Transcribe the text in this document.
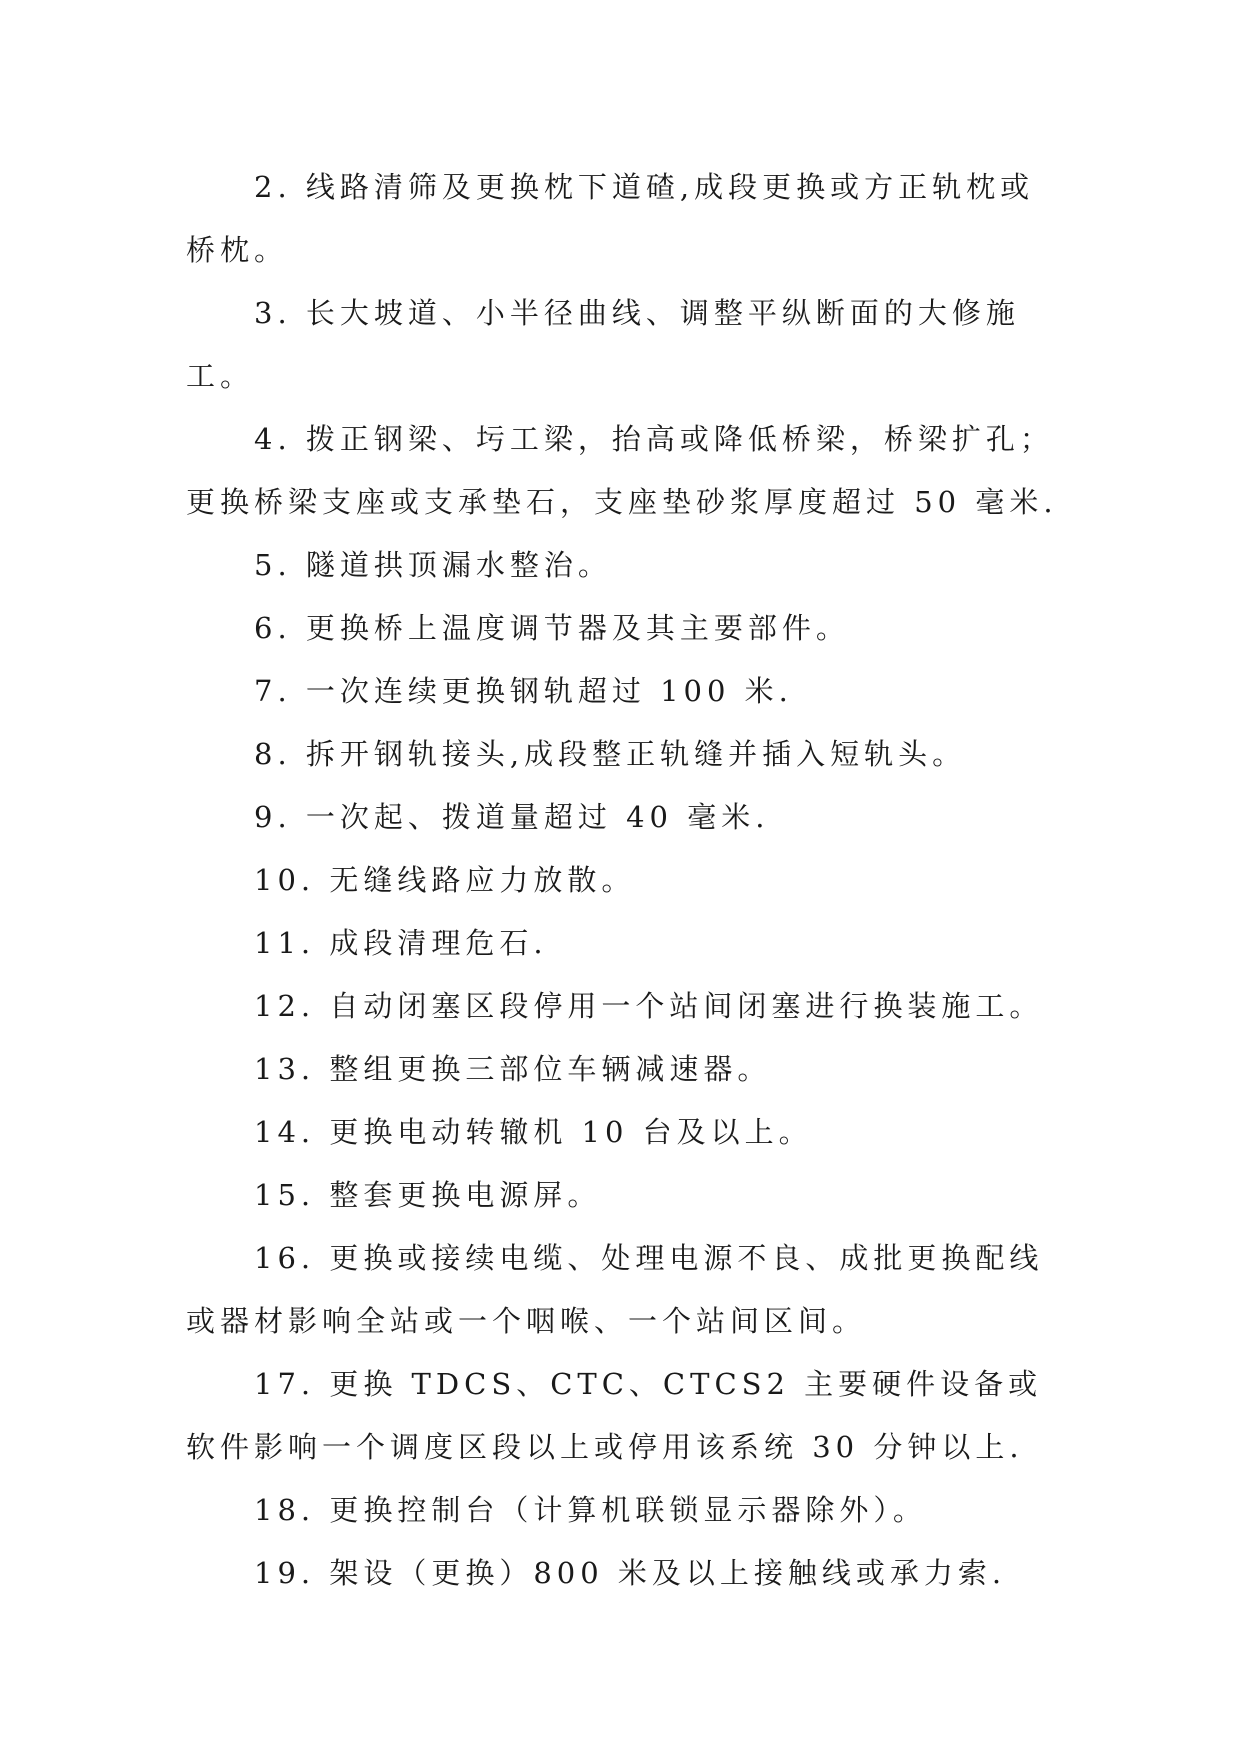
2. 线路清筛及更换枕下道碴,成段更换或方正轨枕或桥枕。

3. 长大坡道、小半径曲线、调整平纵断面的大修施工。

4. 拨正钢梁、圬工梁，抬高或降低桥梁，桥梁扩孔；更换桥梁支座或支承垫石，支座垫砂浆厚度超过 50 毫米.

5. 隧道拱顶漏水整治。

6. 更换桥上温度调节器及其主要部件。

7. 一次连续更换钢轨超过 100 米.

8. 拆开钢轨接头,成段整正轨缝并插入短轨头。

9. 一次起、拨道量超过 40 毫米.

10. 无缝线路应力放散。

11. 成段清理危石.

12. 自动闭塞区段停用一个站间闭塞进行换装施工。

13. 整组更换三部位车辆减速器。

14. 更换电动转辙机 10 台及以上。

15. 整套更换电源屏。

16. 更换或接续电缆、处理电源不良、成批更换配线或器材影响全站或一个咽喉、一个站间区间。

17. 更换 TDCS、CTC、CTCS2 主要硬件设备或软件影响一个调度区段以上或停用该系统 30 分钟以上.

18. 更换控制台（计算机联锁显示器除外）。

19. 架设（更换）800 米及以上接触线或承力索.
